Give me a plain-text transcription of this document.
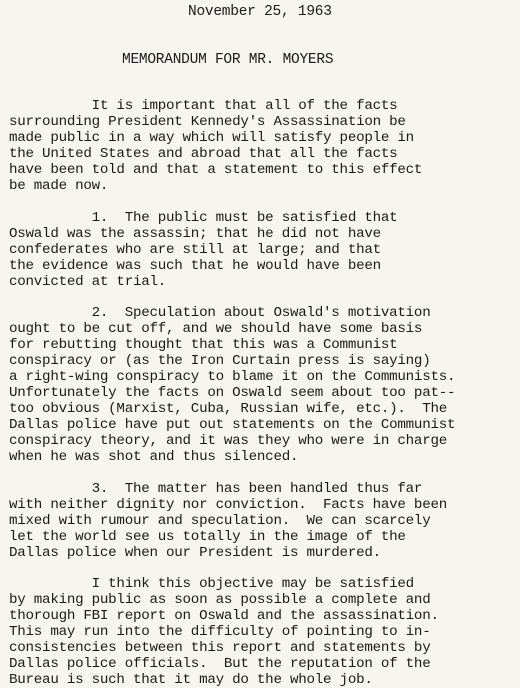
November 25, 1963
MEMORANDUM FOR MR. MOYERS
It is important that all of the facts
surrounding President Kennedy's Assassination be
made public in a way which will satisfy people in
the United States and abroad that all the facts
have been told and that a statement to this effect
be made now.
1.  The public must be satisfied that
Oswald was the assassin; that he did not have
confederates who are still at large; and that
the evidence was such that he would have been
convicted at trial.
2.  Speculation about Oswald's motivation
ought to be cut off, and we should have some basis
for rebutting thought that this was a Communist
conspiracy or (as the Iron Curtain press is saying)
a right-wing conspiracy to blame it on the Communists.
Unfortunately the facts on Oswald seem about too pat--
too obvious (Marxist, Cuba, Russian wife, etc.).  The
Dallas police have put out statements on the Communist
conspiracy theory, and it was they who were in charge
when he was shot and thus silenced.
3.  The matter has been handled thus far
with neither dignity nor conviction.  Facts have been
mixed with rumour and speculation.  We can scarcely
let the world see us totally in the image of the
Dallas police when our President is murdered.
I think this objective may be satisfied
by making public as soon as possible a complete and
thorough FBI report on Oswald and the assassination.
This may run into the difficulty of pointing to in-
consistencies between this report and statements by
Dallas police officials.  But the reputation of the
Bureau is such that it may do the whole job.
